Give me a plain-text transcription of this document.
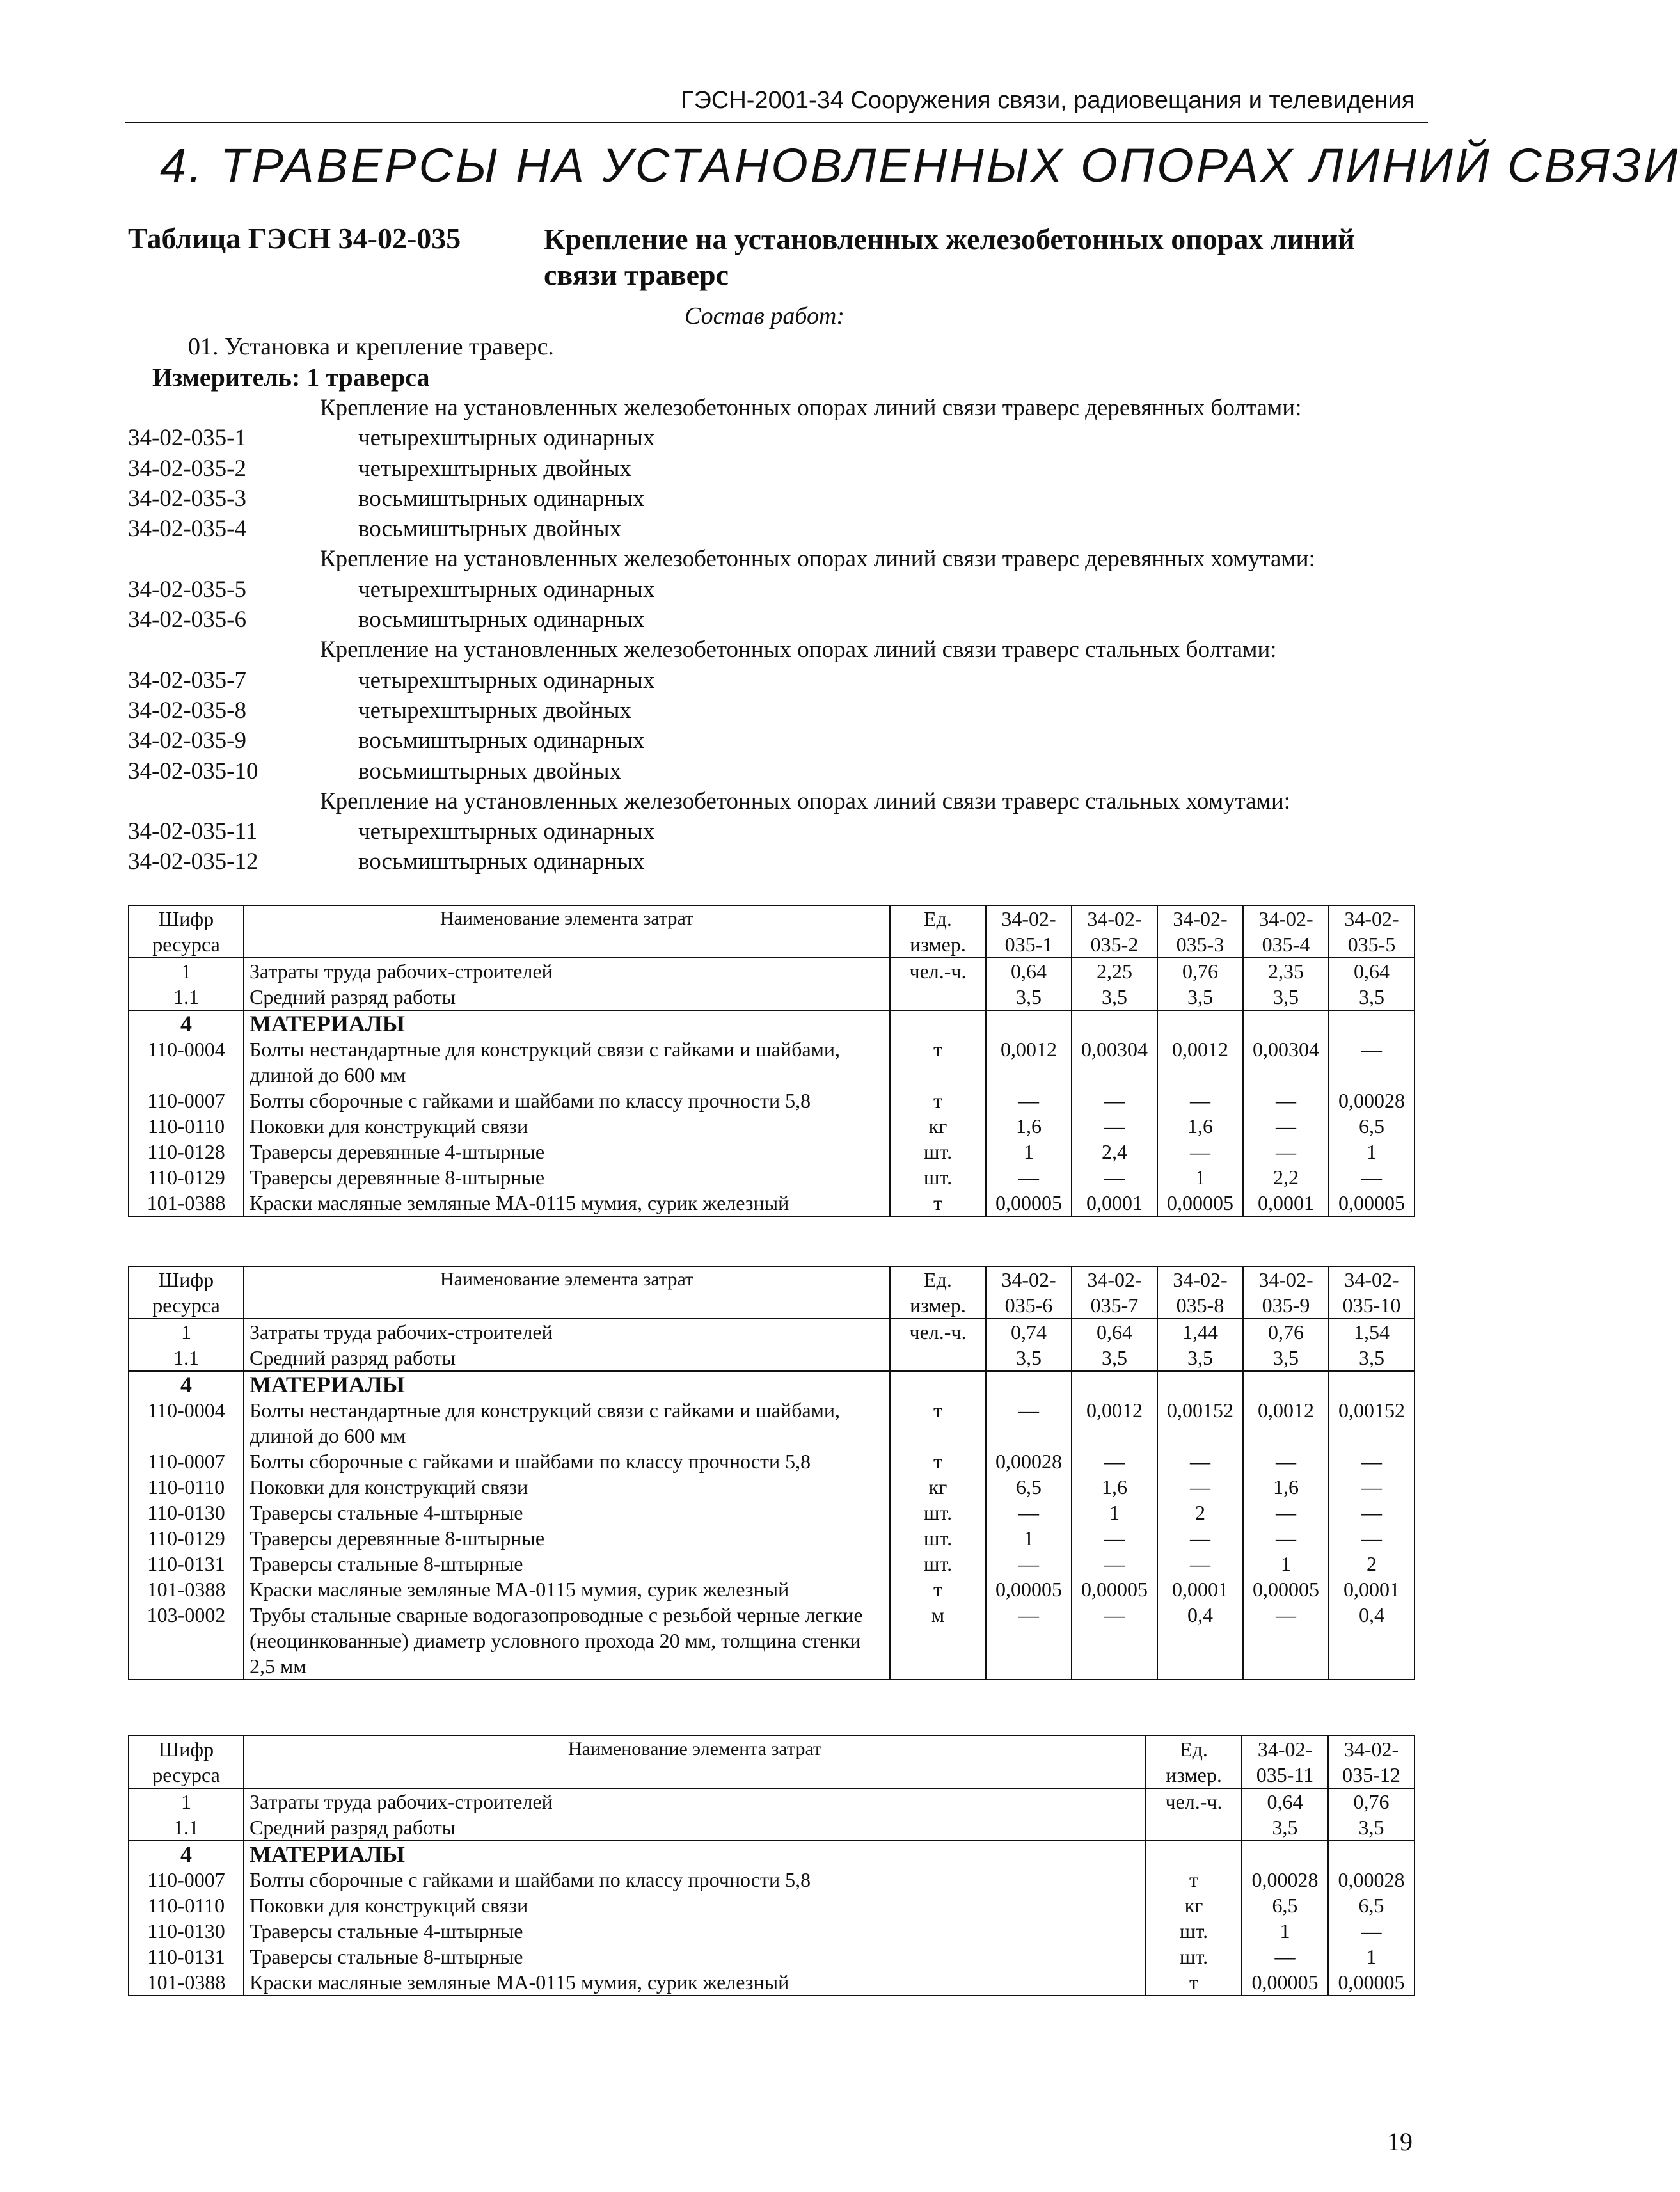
ГЭСН-2001-34 Сооружения связи, радиовещания и телевидения
4. ТРАВЕРСЫ НА УСТАНОВЛЕННЫХ ОПОРАХ ЛИНИЙ СВЯЗИ
Таблица ГЭСН 34-02-035	Крепление на установленных железобетонных опорах линий связи траверс
Состав работ:
01. Установка и крепление траверс.
Измеритель: 1 траверса
Крепление на установленных железобетонных опорах линий связи траверс деревянных болтами:
34-02-035-1	четырехштырных одинарных
34-02-035-2	четырехштырных двойных
34-02-035-3	восьмиштырных одинарных
34-02-035-4	восьмиштырных двойных
Крепление на установленных железобетонных опорах линий связи траверс деревянных хомутами:
34-02-035-5	четырехштырных одинарных
34-02-035-6	восьмиштырных одинарных
Крепление на установленных железобетонных опорах линий связи траверс стальных болтами:
34-02-035-7	четырехштырных одинарных
34-02-035-8	четырехштырных двойных
34-02-035-9	восьмиштырных одинарных
34-02-035-10	восьмиштырных двойных
Крепление на установленных железобетонных опорах линий связи траверс стальных хомутами:
34-02-035-11	четырехштырных одинарных
34-02-035-12	восьмиштырных одинарных
Шифр ресурса	Наименование элемента затрат	Ед. измер.	34-02-035-1	34-02-035-2	34-02-035-3	34-02-035-4	34-02-035-5
1	Затраты труда рабочих-строителей	чел.-ч.	0,64	2,25	0,76	2,35	0,64
1.1	Средний разряд работы		3,5	3,5	3,5	3,5	3,5
4	МАТЕРИАЛЫ						
110-0004	Болты нестандартные для конструкций связи с гайками и шайбами, длиной до 600 мм	т	0,0012	0,00304	0,0012	0,00304	—
110-0007	Болты сборочные с гайками и шайбами по классу прочности 5,8	т	—	—	—	—	0,00028
110-0110	Поковки для конструкций связи	кг	1,6	—	1,6	—	6,5
110-0128	Траверсы деревянные 4-штырные	шт.	1	2,4	—	—	1
110-0129	Траверсы деревянные 8-штырные	шт.	—	—	1	2,2	—
101-0388	Краски масляные земляные МА-0115 мумия, сурик железный	т	0,00005	0,0001	0,00005	0,0001	0,00005
Шифр ресурса	Наименование элемента затрат	Ед. измер.	34-02-035-6	34-02-035-7	34-02-035-8	34-02-035-9	34-02-035-10
1	Затраты труда рабочих-строителей	чел.-ч.	0,74	0,64	1,44	0,76	1,54
1.1	Средний разряд работы		3,5	3,5	3,5	3,5	3,5
4	МАТЕРИАЛЫ						
110-0004	Болты нестандартные для конструкций связи с гайками и шайбами, длиной до 600 мм	т	—	0,0012	0,00152	0,0012	0,00152
110-0007	Болты сборочные с гайками и шайбами по классу прочности 5,8	т	0,00028	—	—	—	—
110-0110	Поковки для конструкций связи	кг	6,5	1,6	—	1,6	—
110-0130	Траверсы стальные 4-штырные	шт.	—	1	2	—	—
110-0129	Траверсы деревянные 8-штырные	шт.	1	—	—	—	—
110-0131	Траверсы стальные 8-штырные	шт.	—	—	—	1	2
101-0388	Краски масляные земляные МА-0115 мумия, сурик железный	т	0,00005	0,00005	0,0001	0,00005	0,0001
103-0002	Трубы стальные сварные водогазопроводные с резьбой черные легкие (неоцинкованные) диаметр условного прохода 20 мм, толщина стенки 2,5 мм	м	—	—	0,4	—	0,4
Шифр ресурса	Наименование элемента затрат	Ед. измер.	34-02-035-11	34-02-035-12
1	Затраты труда рабочих-строителей	чел.-ч.	0,64	0,76
1.1	Средний разряд работы		3,5	3,5
4	МАТЕРИАЛЫ			
110-0007	Болты сборочные с гайками и шайбами по классу прочности 5,8	т	0,00028	0,00028
110-0110	Поковки для конструкций связи	кг	6,5	6,5
110-0130	Траверсы стальные 4-штырные	шт.	1	—
110-0131	Траверсы стальные 8-штырные	шт.	—	1
101-0388	Краски масляные земляные МА-0115 мумия, сурик железный	т	0,00005	0,00005
19
